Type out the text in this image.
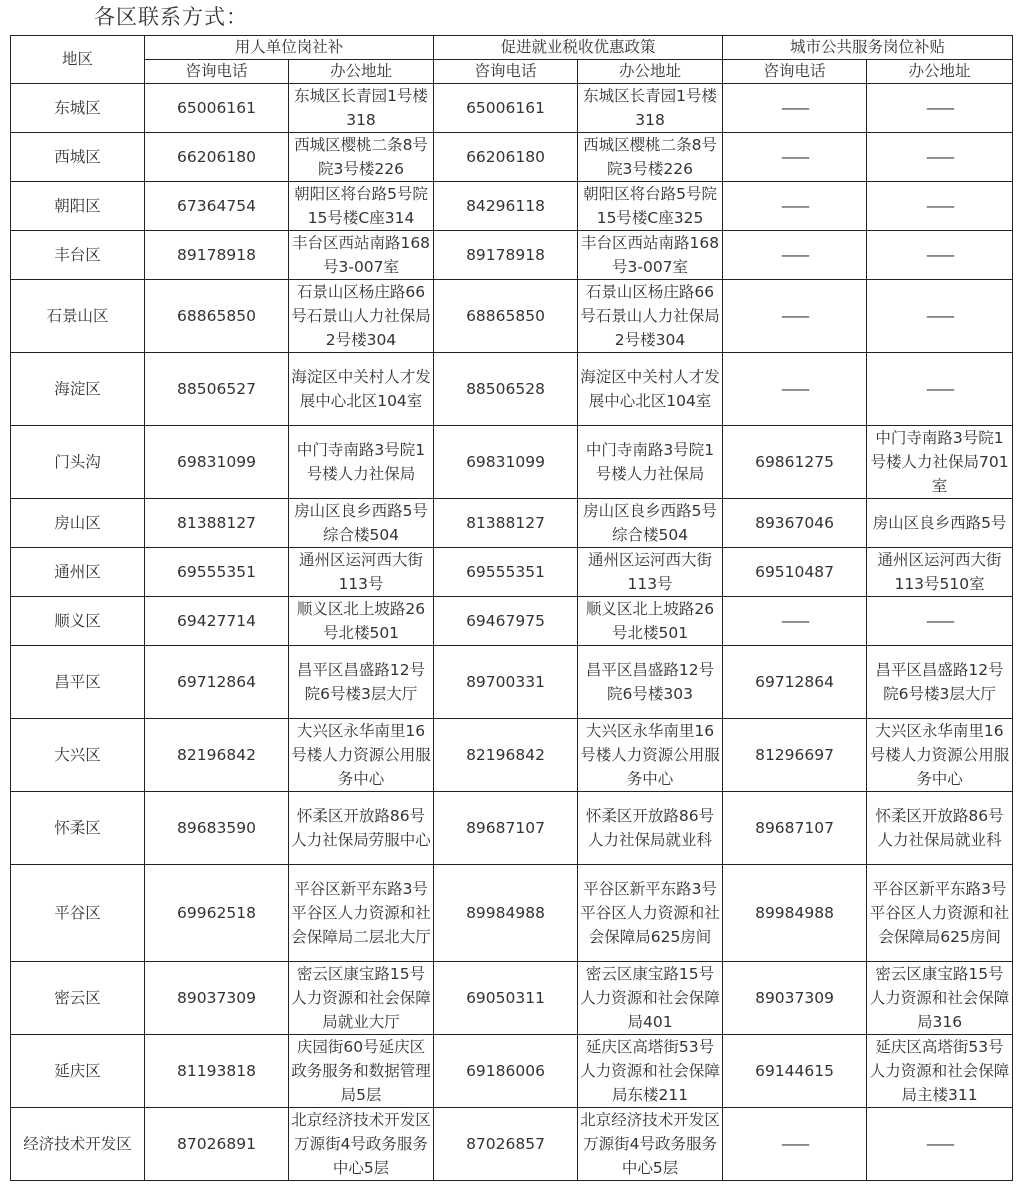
各区联系方式：
地区	用人单位岗社补		促进就业税收优惠政策		城市公共服务岗位补贴	
	咨询电话	办公地址	咨询电话	办公地址	咨询电话	办公地址
东城区	65006161	东城区长青园1号楼318	65006161	东城区长青园1号楼318	——	——
西城区	66206180	西城区樱桃二条8号院3号楼226	66206180	西城区樱桃二条8号院3号楼226	——	——
朝阳区	67364754	朝阳区将台路5号院15号楼C座314	84296118	朝阳区将台路5号院15号楼C座325	——	——
丰台区	89178918	丰台区西站南路168号3-007室	89178918	丰台区西站南路168号3-007室	——	——
石景山区	68865850	石景山区杨庄路66号石景山人力社保局2号楼304	68865850	石景山区杨庄路66号石景山人力社保局2号楼304	——	——
海淀区	88506527	海淀区中关村人才发展中心北区104室	88506528	海淀区中关村人才发展中心北区104室	——	——
门头沟	69831099	中门寺南路3号院1号楼人力社保局	69831099	中门寺南路3号院1号楼人力社保局	69861275	中门寺南路3号院1号楼人力社保局701室
房山区	81388127	房山区良乡西路5号综合楼504	81388127	房山区良乡西路5号综合楼504	89367046	房山区良乡西路5号
通州区	69555351	通州区运河西大街113号	69555351	通州区运河西大街113号	69510487	通州区运河西大街113号510室
顺义区	69427714	顺义区北上坡路26号北楼501	69467975	顺义区北上坡路26号北楼501	——	——
昌平区	69712864	昌平区昌盛路12号院6号楼3层大厅	89700331	昌平区昌盛路12号院6号楼303	69712864	昌平区昌盛路12号院6号楼3层大厅
大兴区	82196842	大兴区永华南里16号楼人力资源公用服务中心	82196842	大兴区永华南里16号楼人力资源公用服务中心	81296697	大兴区永华南里16号楼人力资源公用服务中心
怀柔区	89683590	怀柔区开放路86号人力社保局劳服中心	89687107	怀柔区开放路86号人力社保局就业科	89687107	怀柔区开放路86号人力社保局就业科
平谷区	69962518	平谷区新平东路3号平谷区人力资源和社会保障局二层北大厅	89984988	平谷区新平东路3号平谷区人力资源和社会保障局625房间	89984988	平谷区新平东路3号平谷区人力资源和社会保障局625房间
密云区	89037309	密云区康宝路15号人力资源和社会保障局就业大厅	69050311	密云区康宝路15号人力资源和社会保障局401	89037309	密云区康宝路15号人力资源和社会保障局316
延庆区	81193818	庆园街60号延庆区政务服务和数据管理局5层	69186006	延庆区高塔街53号人力资源和社会保障局东楼211	69144615	延庆区高塔街53号人力资源和社会保障局主楼311
经济技术开发区	87026891	北京经济技术开发区万源街4号政务服务中心5层	87026857	北京经济技术开发区万源街4号政务服务中心5层	——	——
